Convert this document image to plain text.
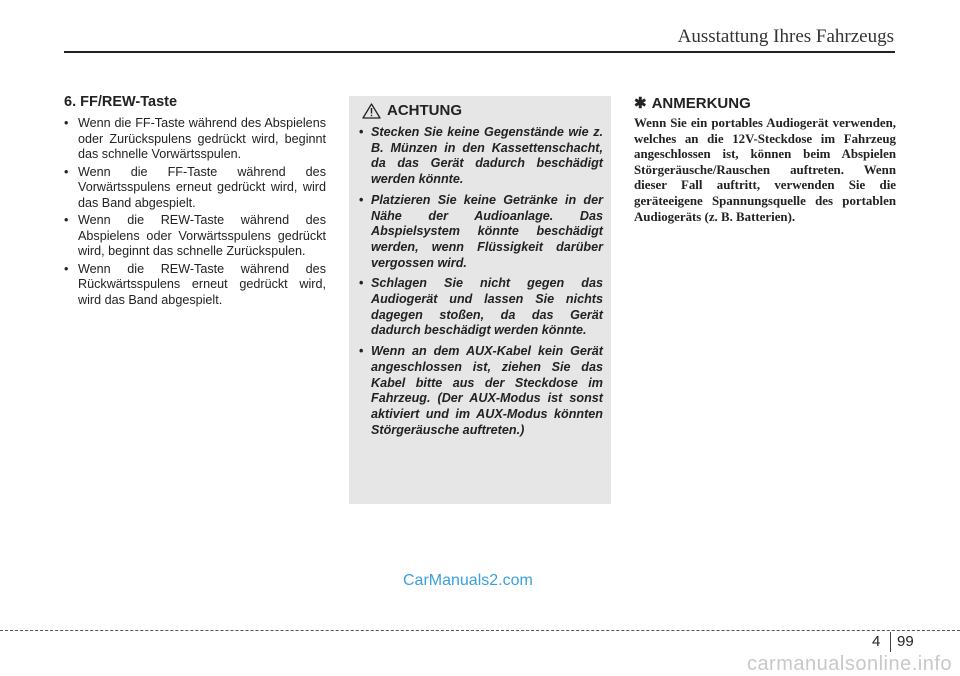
Ausstattung Ihres Fahrzeugs
6. FF/REW-Taste
• Wenn die FF-Taste während des Abspielens oder Zurückspulens gedrückt wird, beginnt das schnelle Vorwärtsspulen.
• Wenn die FF-Taste während des Vorwärtsspulens erneut gedrückt wird, wird das Band abgespielt.
• Wenn die REW-Taste während des Abspielens oder Vorwärtsspulens gedrückt wird, beginnt das schnelle Zurückspulen.
• Wenn die REW-Taste während des Rückwärtsspulens erneut gedrückt wird, wird das Band abgespielt.
ACHTUNG
• Stecken Sie keine Gegenstände wie z. B. Münzen in den Kassettenschacht, da das Gerät dadurch beschädigt werden könnte.
• Platzieren Sie keine Getränke in der Nähe der Audioanlage. Das Abspielsystem könnte beschädigt werden, wenn Flüssigkeit darüber vergossen wird.
• Schlagen Sie nicht gegen das Audiogerät und lassen Sie nichts dagegen stoßen, da das Gerät dadurch beschädigt werden könnte.
• Wenn an dem AUX-Kabel kein Gerät angeschlossen ist, ziehen Sie das Kabel bitte aus der Steckdose im Fahrzeug. (Der AUX-Modus ist sonst aktiviert und im AUX-Modus könnten Störgeräusche auftreten.)
✱ ANMERKUNG

Wenn Sie ein portables Audiogerät verwenden, welches an die 12V-Steckdose im Fahrzeug angeschlossen ist, können beim Abspielen Störgeräusche/Rauschen auftreten. Wenn dieser Fall auftritt, verwenden Sie die geräteeigene Spannungsquelle des portablen Audiogeräts (z. B. Batterien).

CarManuals2.com
4 99
carmanualsonline.info
